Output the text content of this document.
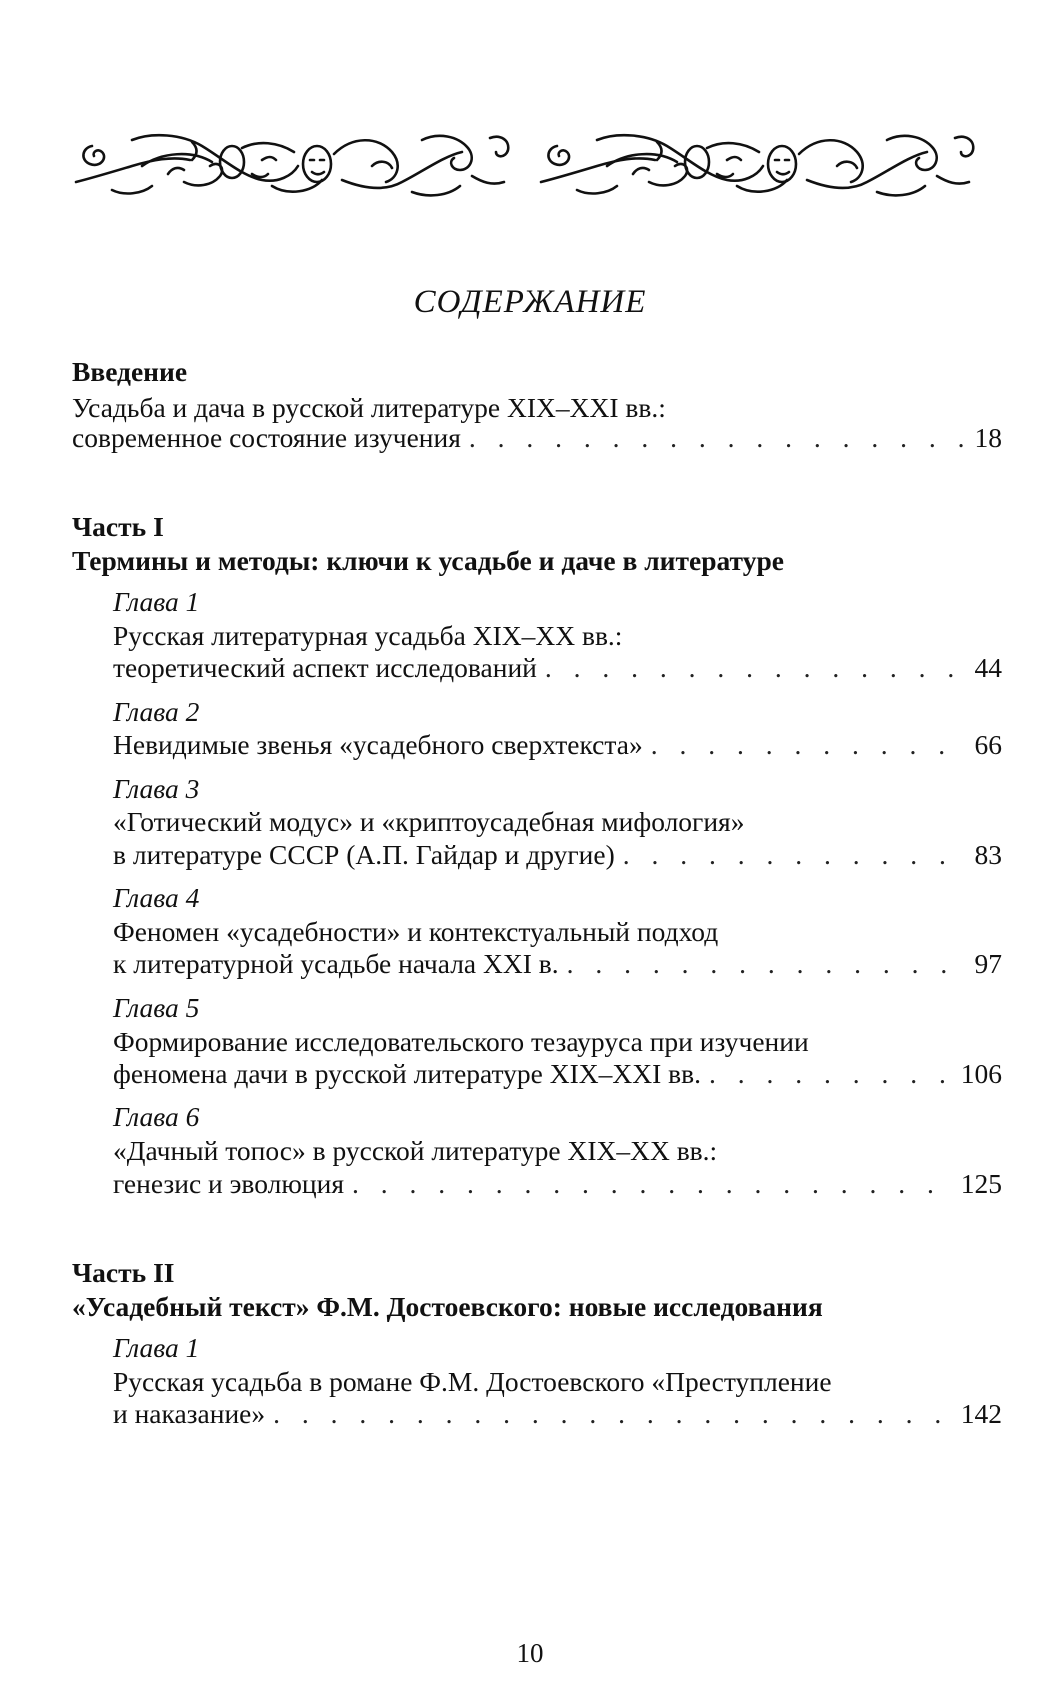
СОДЕРЖАНИЕ
Введение
Усадьба и дача в русской литературе XIX–XXI вв.:
современное состояние изучения . . .	18
Часть I
Термины и методы: ключи к усадьбе и даче в литературе
Глава 1
Русская литературная усадьба XIX–XX вв.:
теоретический аспект исследований . . .	44
Глава 2
Невидимые звенья «усадебного сверхтекста» . . .	66
Глава 3
«Готический модус» и «криптоусадебная мифология»
в литературе СССР (А.П. Гайдар и другие) . . .	83
Глава 4
Феномен «усадебности» и контекстуальный подход
к литературной усадьбе начала XXI в. . . .	97
Глава 5
Формирование исследовательского тезауруса при изучении
феномена дачи в русской литературе XIX–XXI вв. . . .	106
Глава 6
«Дачный топос» в русской литературе XIX–XX вв.:
генезис и эволюция . . .	125
Часть II
«Усадебный текст» Ф.М. Достоевского: новые исследования
Глава 1
Русская усадьба в романе Ф.М. Достоевского «Преступление
и наказание» . . .	142
10
